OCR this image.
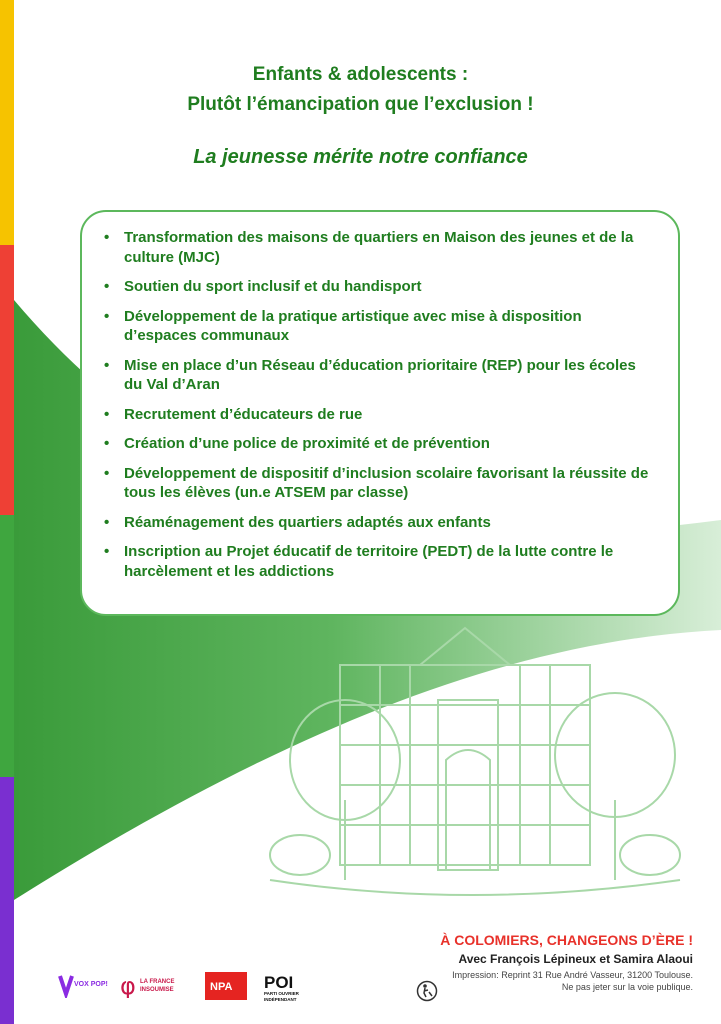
Enfants & adolescents :
Plutôt l’émancipation que l’exclusion !
La jeunesse mérite notre confiance
• Transformation des maisons de quartiers en Maison des jeunes et de la culture (MJC)
• Soutien du sport inclusif et du handisport
• Développement de la pratique artistique avec mise à disposition d’espaces communaux
• Mise en place d’un Réseau d’éducation prioritaire (REP) pour les écoles du Val d’Aran
• Recrutement d’éducateurs de rue
• Création d’une police de proximité et de prévention
• Développement de dispositif d’inclusion scolaire favorisant la réussite de tous les élèves (un.e ATSEM par classe)
• Réaménagement des quartiers adaptés aux enfants
• Inscription au Projet éducatif de territoire (PEDT) de la lutte contre le harcèlement et les addictions
À COLOMIERS, CHANGEONS D’ÈRE !
Avec François Lépineux et Samira Alaoui
Impression: Reprint 31 Rue André Vasseur, 31200 Toulouse.
Ne pas jeter sur la voie publique.
VOX POP! φ LA FRANCE
INSOUMISE	NPA POI
PARTI OUVRIER
INDÉPENDANT
